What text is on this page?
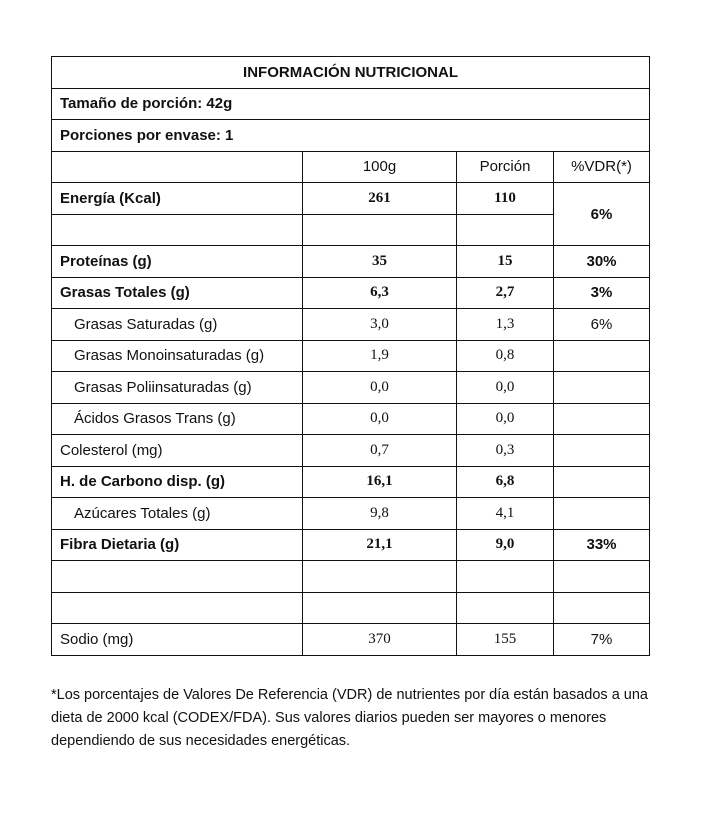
INFORMACIÓN NUTRICIONAL			
Tamaño de porción: 42g			
Porciones por envase: 1			
	100g	Porción	%VDR(*)
Energía (Kcal)	261	110	6%

Proteínas (g)	35	15	30%
Grasas Totales (g)	6,3	2,7	3%
Grasas Saturadas (g)	3,0	1,3	6%
Grasas Monoinsaturadas (g)	1,9	0,8	
Grasas Poliinsaturadas (g)	0,0	0,0	
Ácidos Grasos Trans (g)	0,0	0,0	
Colesterol (mg)	0,7	0,3	
H. de Carbono disp. (g)	16,1	6,8	
Azúcares Totales (g)	9,8	4,1	
Fibra Dietaria (g)	21,1	9,0	33%

Sodio (mg)	370	155	7%
*Los porcentajes de Valores De Referencia (VDR) de nutrientes por día están basados a una dieta de 2000 kcal (CODEX/FDA). Sus valores diarios pueden ser mayores o menores dependiendo de sus necesidades energéticas.
